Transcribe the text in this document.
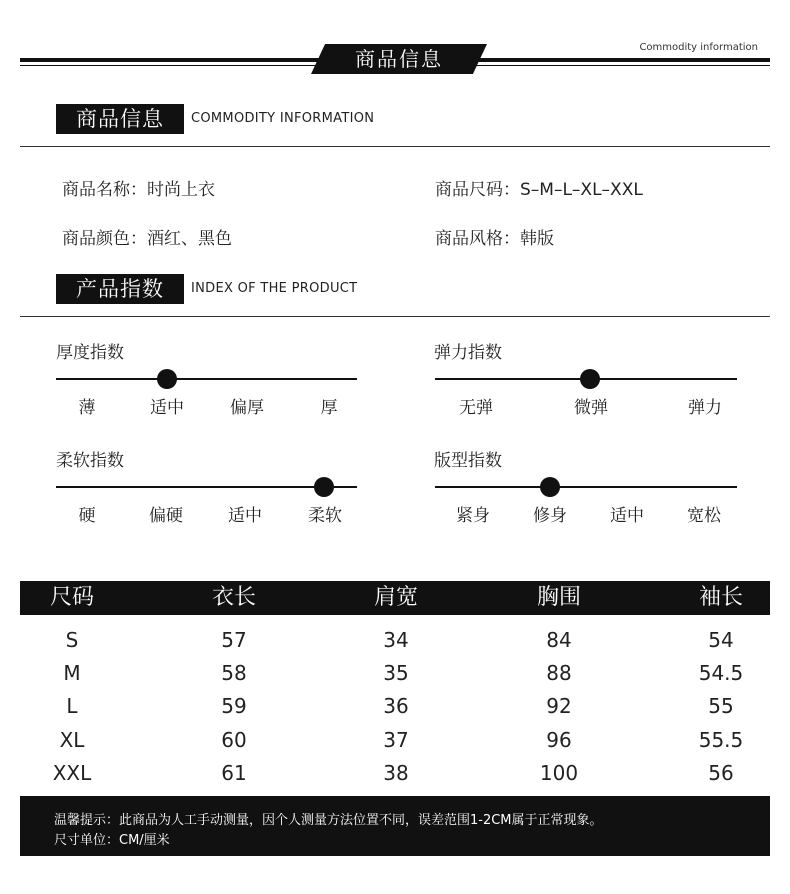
商品信息	Commodity information
商品信息	COMMODITY INFORMATION
商品名称：时尚上衣	商品尺码：S–M–L–XL–XXL
商品颜色：酒红、黑色	商品风格：韩版
产品指数	INDEX OF THE PRODUCT
厚度指数
薄	适中	偏厚	厚
弹力指数
无弹	微弹	弹力
柔软指数
硬	偏硬	适中	柔软
版型指数
紧身	修身	适中	宽松
尺码	衣长	肩宽	胸围	袖长
S	57	34	84	54
M	58	35	88	54.5
L	59	36	92	55
XL	60	37	96	55.5
XXL	61	38	100	56
温馨提示：此商品为人工手动测量，因个人测量方法位置不同，误差范围1-2CM属于正常现象。
尺寸单位：CM/厘米
